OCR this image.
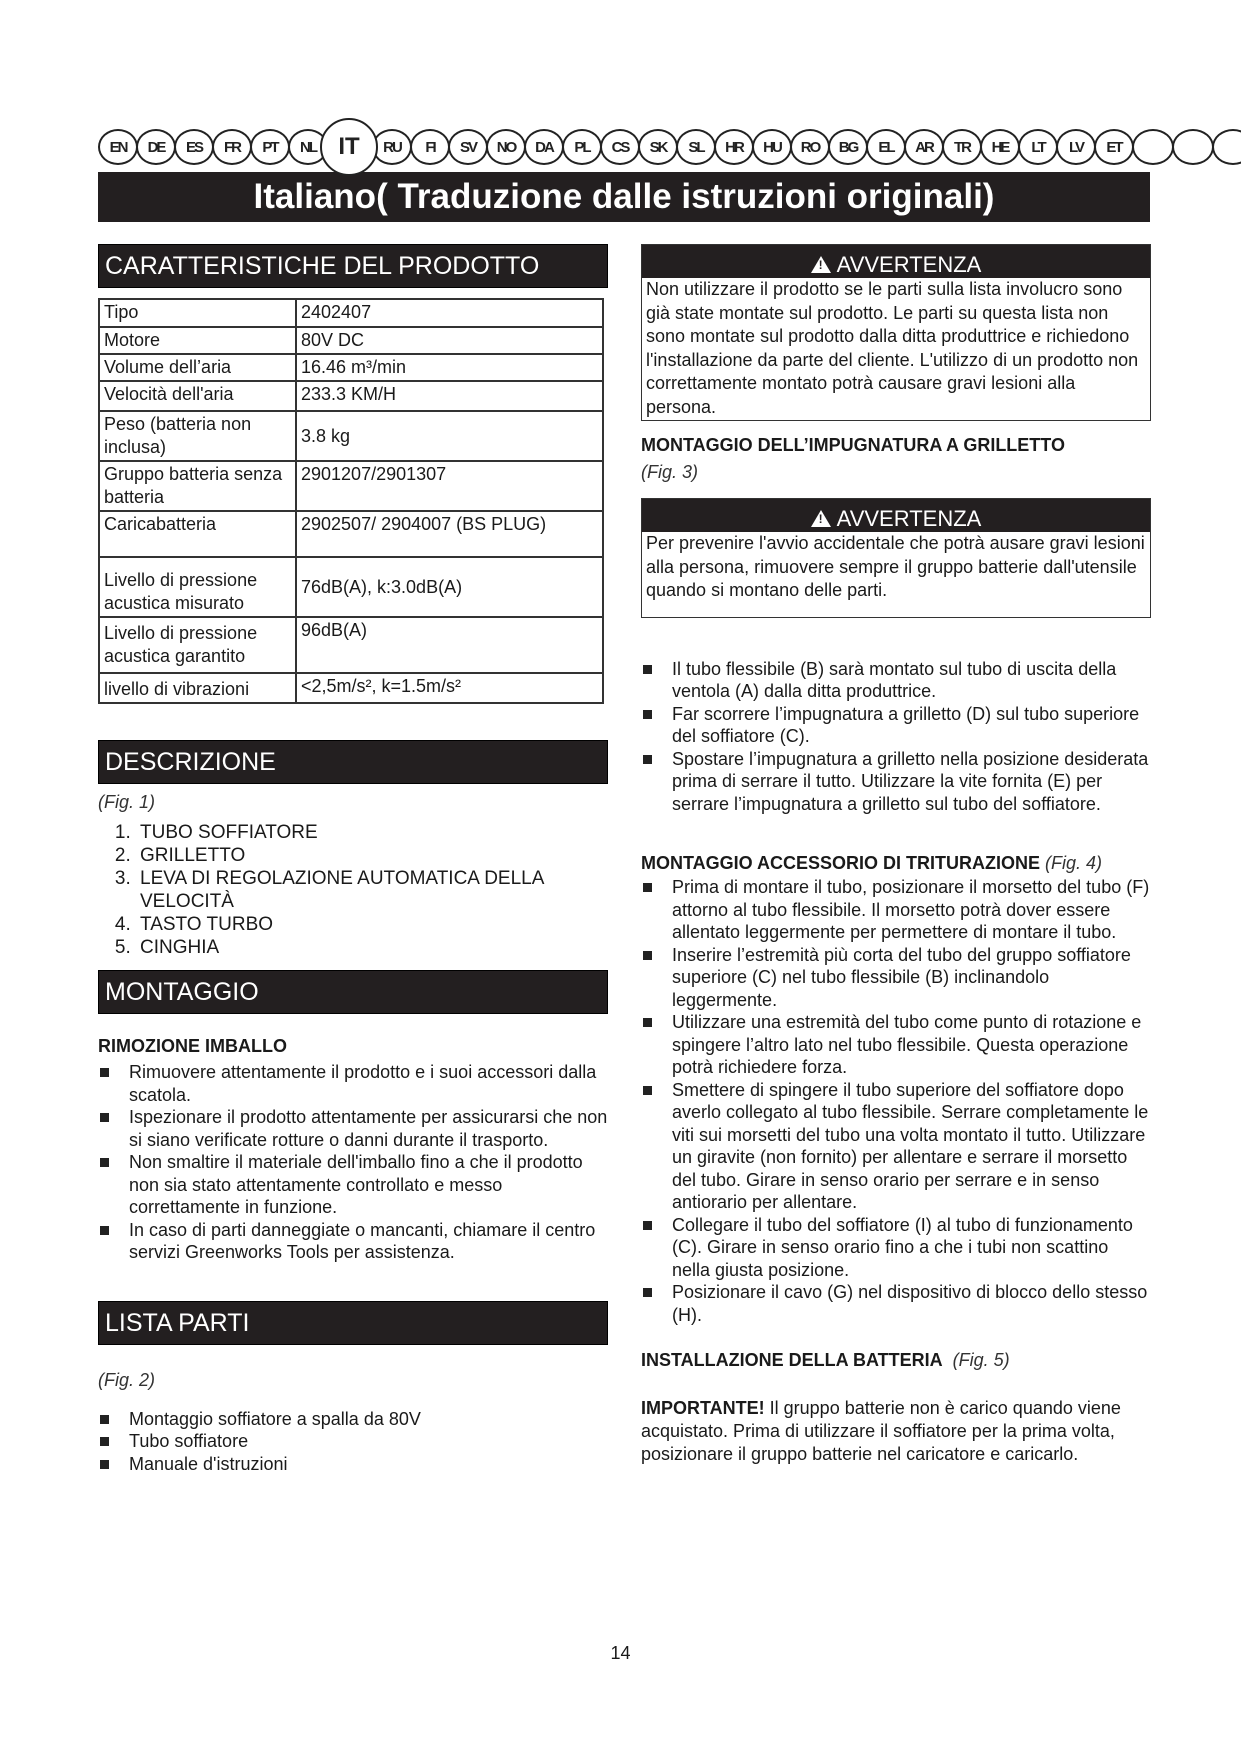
EN	DE	ES	FR	PT	NL IT	RU	FI	SV	NO	DA	PL	CS	SK	SL	HR	HU	RO	BG	EL	AR	TR	HE	LT	LV	ET
Italiano( Traduzione dalle istruzioni originali)
CARATTERISTICHE DEL PRODOTTO
Tipo	2402407
Motore	80V DC
Volume dell’aria	16.46 m³/min
Velocità dell'aria	233.3 KM/H
Peso (batteria non inclusa)	3.8 kg
Gruppo batteria senza batteria	2901207/2901307
Caricabatteria	2902507/ 2904007 (BS PLUG)
Livello di pressione acustica misurato	76dB(A), k:3.0dB(A)
Livello di pressione acustica garantito	96dB(A)
livello di vibrazioni	<2,5m/s², k=1.5m/s²
DESCRIZIONE
(Fig. 1)
1. TUBO SOFFIATORE
2. GRILLETTO
3. LEVA DI REGOLAZIONE AUTOMATICA DELLA VELOCITÀ
4. TASTO TURBO
5. CINGHIA
MONTAGGIO

RIMOZIONE IMBALLO

Rimuovere attentamente il prodotto e i suoi accessori dalla scatola.
Ispezionare il prodotto attentamente per assicurarsi che non si siano verificate rotture o danni durante il trasporto.
Non smaltire il materiale dell'imballo fino a che il prodotto non sia stato attentamente controllato e messo correttamente in funzione.
In caso di parti danneggiate o mancanti, chiamare il centro servizi Greenworks Tools per assistenza.
LISTA PARTI
(Fig. 2)
Montaggio soffiatore a spalla da 80V
Tubo soffiatore
Manuale d'istruzioni
!AVVERTENZA
Non utilizzare il prodotto se le parti sulla lista involucro sono già state montate sul prodotto. Le parti su questa lista non sono montate sul prodotto dalla ditta produttrice e richiedono l'installazione da parte del cliente. L'utilizzo di un prodotto non correttamente montato potrà causare gravi lesioni alla persona.

MONTAGGIO DELL’IMPUGNATURA A GRILLETTO

(Fig. 3)
!AVVERTENZA
Per prevenire l'avvio accidentale che potrà ausare gravi lesioni alla persona, rimuovere sempre il gruppo batterie dall'utensile quando si montano delle parti.
Il tubo flessibile (B) sarà montato sul tubo di uscita della ventola (A) dalla ditta produttrice.
Far scorrere l’impugnatura a grilletto (D) sul tubo superiore del soffiatore (C).
Spostare l’impugnatura a grilletto nella posizione desiderata prima di serrare il tutto. Utilizzare la vite fornita (E) per serrare l’impugnatura a grilletto sul tubo del soffiatore.

MONTAGGIO ACCESSORIO DI TRITURAZIONE (Fig. 4)

Prima di montare il tubo, posizionare il morsetto del tubo (F) attorno al tubo flessibile. Il morsetto potrà dover essere allentato leggermente per permettere di montare il tubo.
Inserire l’estremità più corta del tubo del gruppo soffiatore superiore (C) nel tubo flessibile (B) inclinandolo leggermente.
Utilizzare una estremità del tubo come punto di rotazione e spingere l’altro lato nel tubo flessibile. Questa operazione potrà richiedere forza.
Smettere di spingere il tubo superiore del soffiatore dopo averlo collegato al tubo flessibile. Serrare completamente le viti sui morsetti del tubo una volta montato il tutto. Utilizzare un giravite (non fornito) per allentare e serrare il morsetto del tubo. Girare in senso orario per serrare e in senso antiorario per allentare.
Collegare il tubo del soffiatore (I) al tubo di funzionamento (C). Girare in senso orario fino a che i tubi non scattino nella giusta posizione.
Posizionare il cavo (G) nel dispositivo di blocco dello stesso (H).

INSTALLAZIONE DELLA BATTERIA (Fig. 5)

IMPORTANTE! Il gruppo batterie non è carico quando viene acquistato. Prima di utilizzare il soffiatore per la prima volta, posizionare il gruppo batterie nel caricatore e caricarlo.

14
